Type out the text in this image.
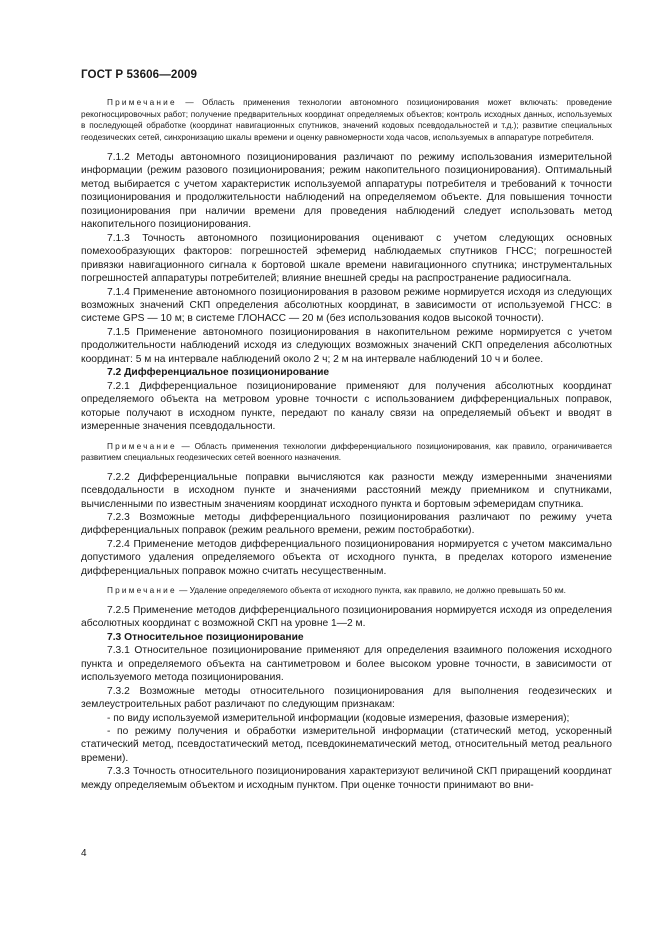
ГОСТ Р 53606—2009

Примечание — Область применения технологии автономного позиционирования может включать: проведение рекогносцировочных работ; получение предварительных координат определяемых объектов; контроль исходных данных, используемых в последующей обработке (координат навигационных спутников, значений кодовых псевдодальностей и т.д.); развитие специальных геодезических сетей, синхронизацию шкалы времени и оценку равномерности хода часов, используемых в аппаратуре потребителя.

7.1.2 Методы автономного позиционирования различают по режиму использования измерительной информации (режим разового позиционирования; режим накопительного позиционирования). Оптимальный метод выбирается с учетом характеристик используемой аппаратуры потребителя и требований к точности позиционирования и продолжительности наблюдений на определяемом объекте. Для повышения точности позиционирования при наличии времени для проведения наблюдений следует использовать метод накопительного позиционирования.

7.1.3 Точность автономного позиционирования оценивают с учетом следующих основных помехообразующих факторов: погрешностей эфемерид наблюдаемых спутников ГНСС; погрешностей привязки навигационного сигнала к бортовой шкале времени навигационного спутника; инструментальных погрешностей аппаратуры потребителей; влияние внешней среды на распространение радиосигнала.

7.1.4 Применение автономного позиционирования в разовом режиме нормируется исходя из следующих возможных значений СКП определения абсолютных координат, в зависимости от используемой ГНСС: в системе GPS — 10 м; в системе ГЛОНАСС — 20 м (без использования кодов высокой точности).

7.1.5 Применение автономного позиционирования в накопительном режиме нормируется с учетом продолжительности наблюдений исходя из следующих возможных значений СКП определения абсолютных координат: 5 м на интервале наблюдений около 2 ч; 2 м на интервале наблюдений 10 ч и более.

7.2 Дифференциальное позиционирование

7.2.1 Дифференциальное позиционирование применяют для получения абсолютных координат определяемого объекта на метровом уровне точности с использованием дифференциальных поправок, которые получают в исходном пункте, передают по каналу связи на определяемый объект и вводят в измеренные значения псевдодальности.

Примечание — Область применения технологии дифференциального позиционирования, как правило, ограничивается развитием специальных геодезических сетей военного назначения.

7.2.2 Дифференциальные поправки вычисляются как разности между измеренными значениями псевдодальности в исходном пункте и значениями расстояний между приемником и спутниками, вычисленными по известным значениям координат исходного пункта и бортовым эфемеридам спутника.

7.2.3 Возможные методы дифференциального позиционирования различают по режиму учета дифференциальных поправок (режим реального времени, режим постобработки).

7.2.4 Применение методов дифференциального позиционирования нормируется с учетом максимально допустимого удаления определяемого объекта от исходного пункта, в пределах которого изменение дифференциальных поправок можно считать несущественным.

Примечание — Удаление определяемого объекта от исходного пункта, как правило, не должно превышать 50 км.

7.2.5 Применение методов дифференциального позиционирования нормируется исходя из определения абсолютных координат с возможной СКП на уровне 1—2 м.

7.3 Относительное позиционирование

7.3.1 Относительное позиционирование применяют для определения взаимного положения исходного пункта и определяемого объекта на сантиметровом и более высоком уровне точности, в зависимости от используемого метода позиционирования.

7.3.2 Возможные методы относительного позиционирования для выполнения геодезических и землеустроительных работ различают по следующим признакам:

- по виду используемой измерительной информации (кодовые измерения, фазовые измерения);

- по режиму получения и обработки измерительной информации (статический метод, ускоренный статический метод, псевдостатический метод, псевдокинематический метод, относительный метод реального времени).

7.3.3 Точность относительного позиционирования характеризуют величиной СКП приращений координат между определяемым объектом и исходным пунктом. При оценке точности принимают во вни-

4
